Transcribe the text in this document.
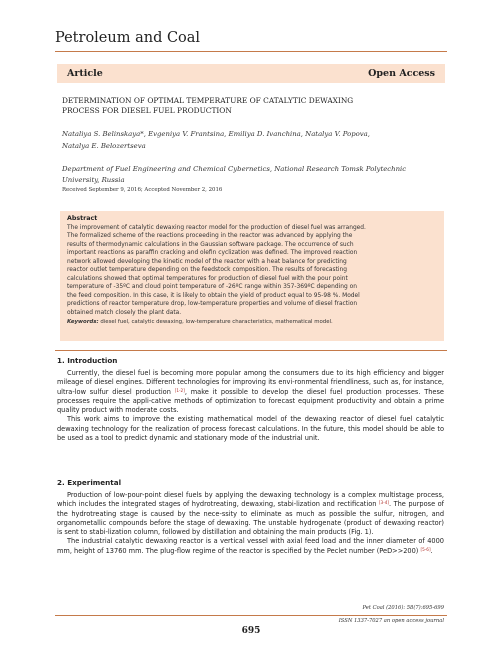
Petroleum and Coal
Article	Open Access
DETERMINATION OF OPTIMAL TEMPERATURE OF CATALYTIC DEWAXING
PROCESS FOR DIESEL FUEL PRODUCTION
Nataliya S. Belinskaya*, Evgeniya V. Frantsina, Emiliya D. Ivanchina, Natalya V. Popova,
Natalya E. Belozertseva
Department of Fuel Engineering and Chemical Cybernetics, National Research Tomsk Polytechnic
University, Russia
Received September 9, 2016; Accepted November 2, 2016
Abstract
The improvement of catalytic dewaxing reactor model for the production of diesel fuel was arranged.
The formalized scheme of the reactions proceeding in the reactor was advanced by applying the
results of thermodynamic calculations in the Gaussian software package. The occurrence of such
important reactions as paraffin cracking and olefin cyclization was defined. The improved reaction
network allowed developing the kinetic model of the reactor with a heat balance for predicting
reactor outlet temperature depending on the feedstock composition. The results of forecasting
calculations showed that optimal temperatures for production of diesel fuel with the pour point
temperature of -35ºC and cloud point temperature of -26ºC range within 357-369ºC depending on
the feed composition. In this case, it is likely to obtain the yield of product equal to 95-98 %. Model
predictions of reactor temperature drop, low-temperature properties and volume of diesel fraction
obtained match closely the plant data.
Keywords: diesel fuel, catalytic dewaxing, low-temperature characteristics, mathematical model.
1. Introduction

Currently, the diesel fuel is becoming more popular among the consumers due to its high efficiency and bigger mileage of diesel engines. Different technologies for improving its envi-ronmental friendliness, such as, for instance, ultra-low sulfur diesel production [1-2], make it possible to develop the diesel fuel production processes. These processes require the appli-cative methods of optimization to forecast equipment productivity and obtain a prime quality product with moderate costs.

This work aims to improve the existing mathematical model of the dewaxing reactor of diesel fuel catalytic dewaxing technology for the realization of process forecast calculations. In the future, this model should be able to be used as a tool to predict dynamic and stationary mode of the industrial unit.

2. Experimental

Production of low-pour-point diesel fuels by applying the dewaxing technology is a complex multistage process, which includes the integrated stages of hydrotreating, dewaxing, stabi-lization and rectification [3-4]. The purpose of the hydrotreating stage is caused by the nece-ssity to eliminate as much as possible the sulfur, nitrogen, and organometallic compounds before the stage of dewaxing. The unstable hydrogenate (product of dewaxing reactor) is sent to stabi-lization column, followed by distillation and obtaining the main products (Fig. 1).

The industrial catalytic dewaxing reactor is a vertical vessel with axial feed load and the inner diameter of 4000 mm, height of 13760 mm. The plug-flow regime of the reactor is specified by the Peclet number (PeD>>200) [5-6].

Pet Coal (2016): 58(7):695-699
ISSN 1337-7027 an open access journal
695
